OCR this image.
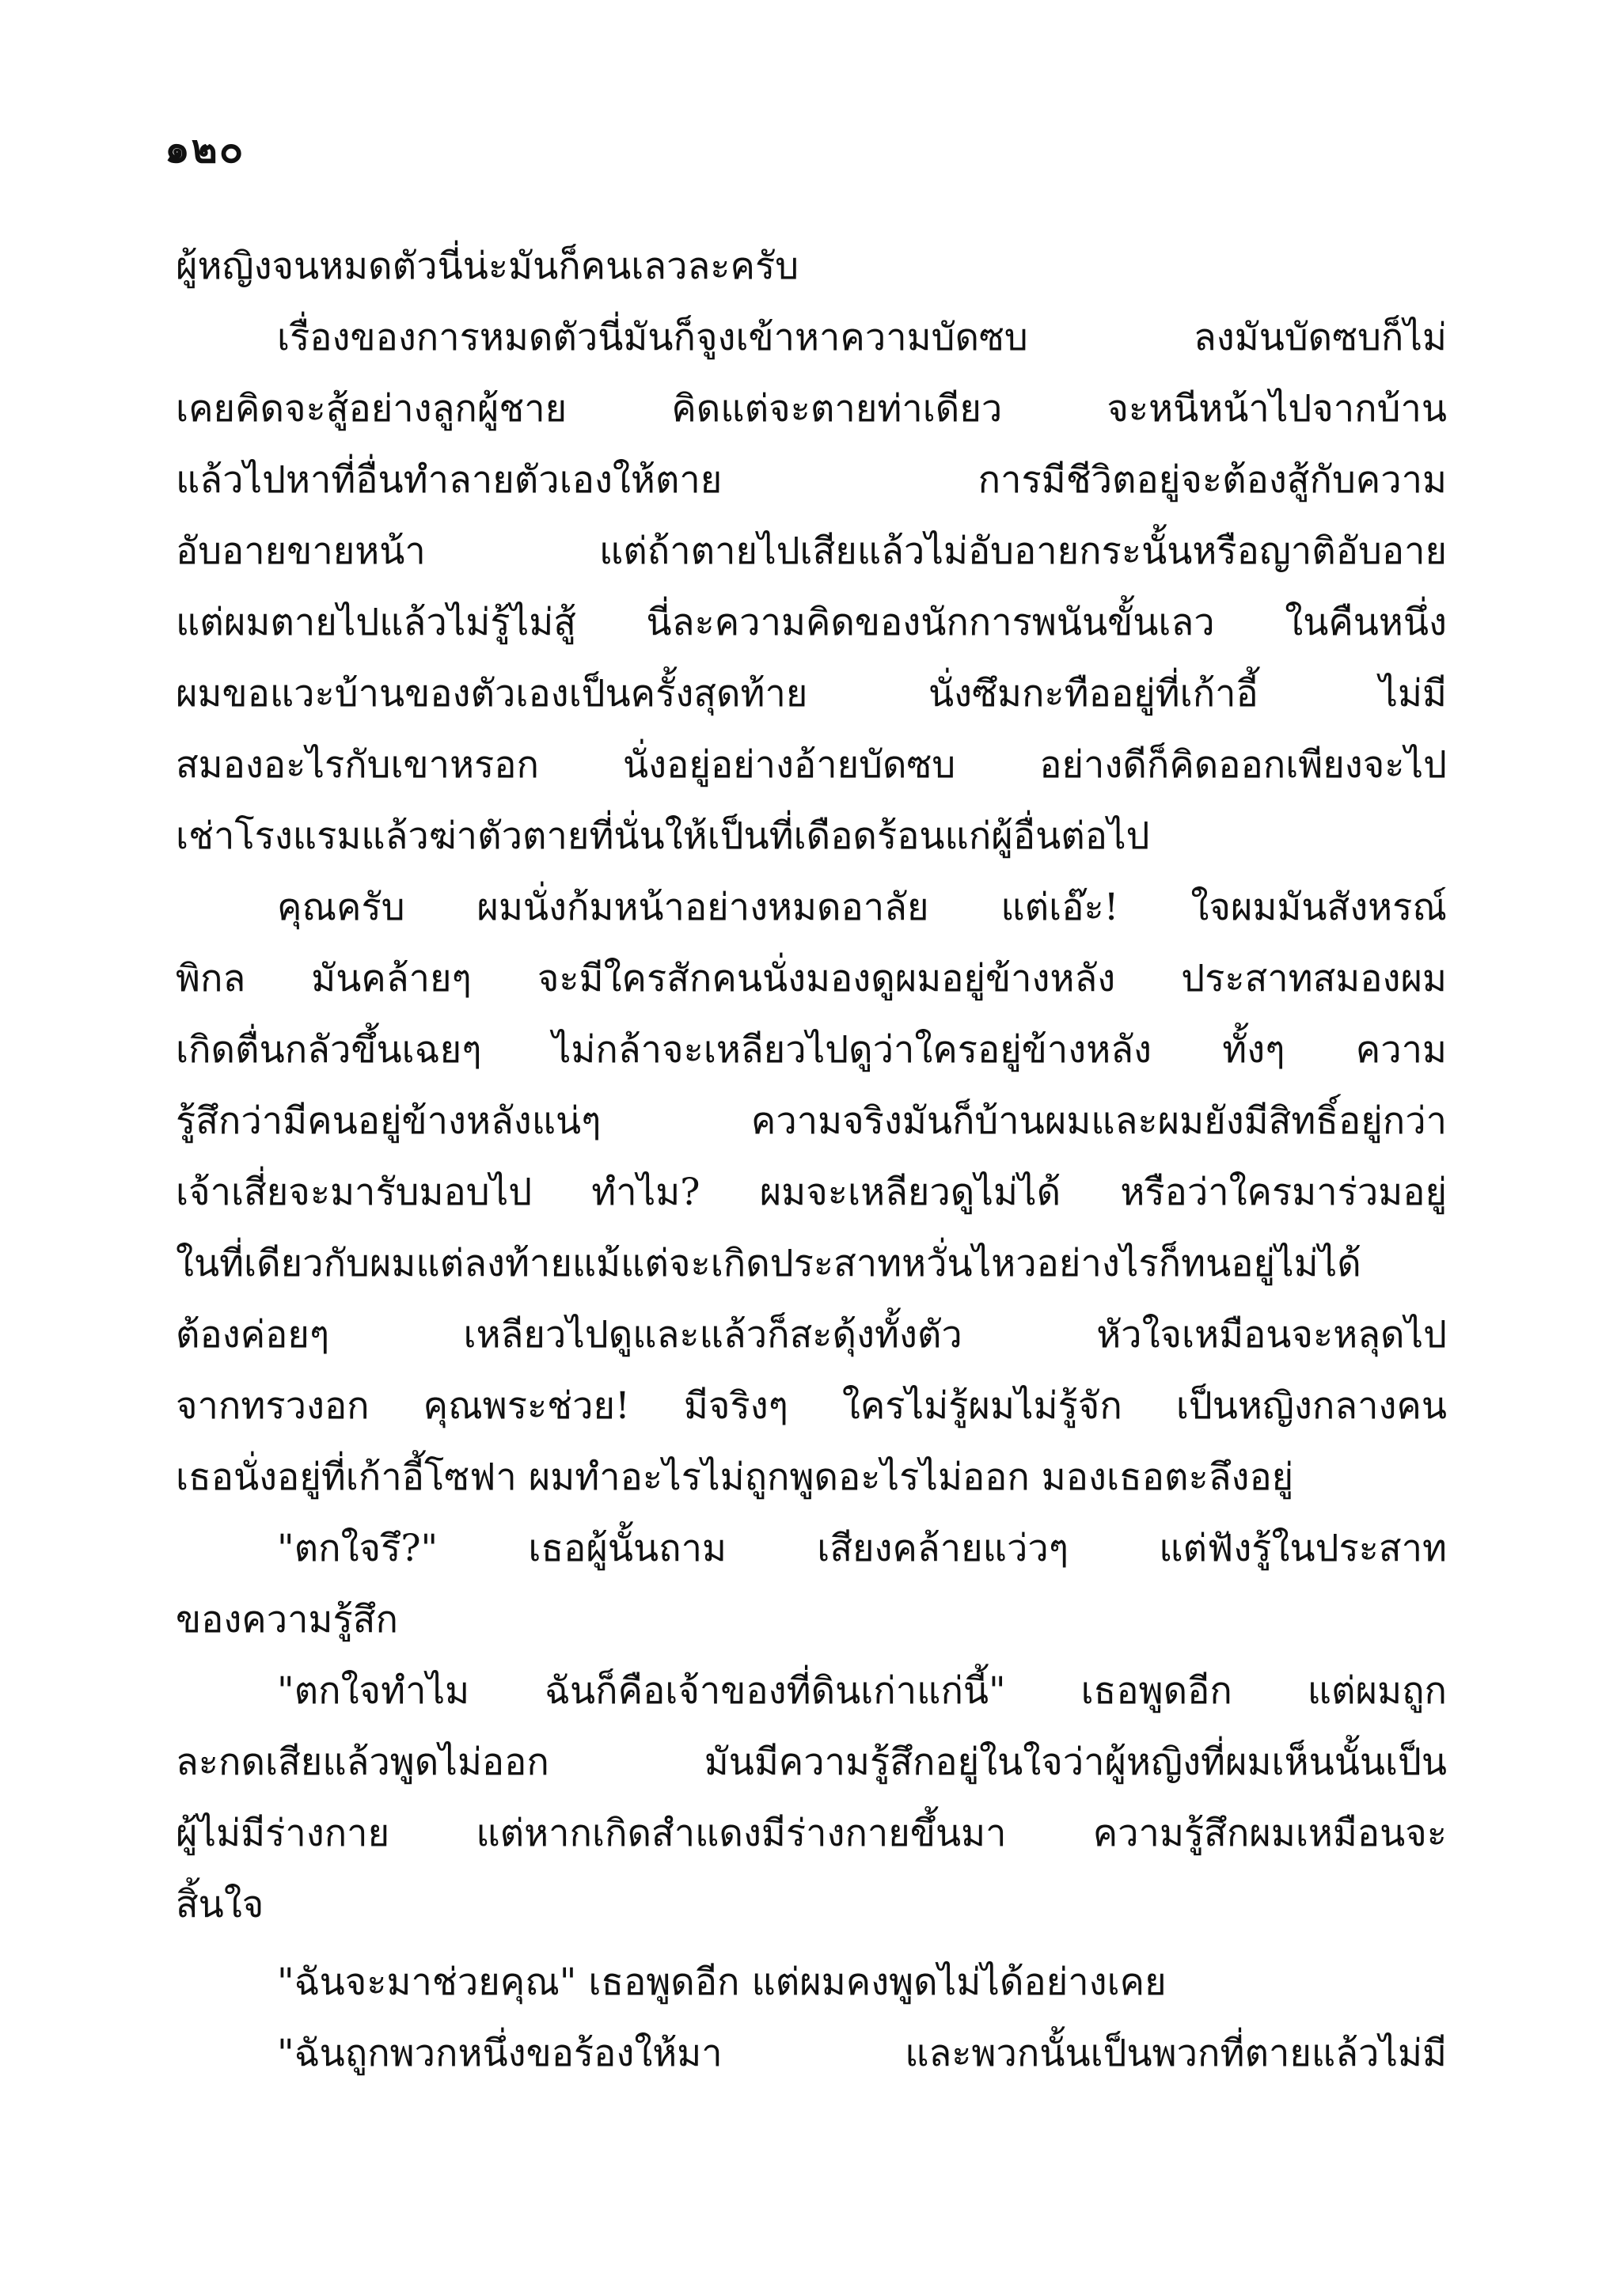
๑๒๐
ผู้หญิงจนหมดตัวนี่น่ะมันก็คนเลวละครับ
เรื่องของการหมดตัวนี่มันก็จูงเข้าหาความบัดซบ ลงมันบัดซบก็ไม่
เคยคิดจะสู้อย่างลูกผู้ชาย คิดแต่จะตายท่าเดียว จะหนีหน้าไปจากบ้าน
แล้วไปหาที่อื่นทำลายตัวเองให้ตาย การมีชีวิตอยู่จะต้องสู้กับความ
อับอายขายหน้า แต่ถ้าตายไปเสียแล้วไม่อับอายกระนั้นหรือญาติอับอาย
แต่ผมตายไปแล้วไม่รู้ไม่สู้ นี่ละความคิดของนักการพนันขั้นเลว ในคืนหนึ่ง
ผมขอแวะบ้านของตัวเองเป็นครั้งสุดท้าย นั่งซึมกะทืออยู่ที่เก้าอี้ ไม่มี
สมองอะไรกับเขาหรอก นั่งอยู่อย่างอ้ายบัดซบ อย่างดีก็คิดออกเพียงจะไป
เช่าโรงแรมแล้วฆ่าตัวตายที่นั่นให้เป็นที่เดือดร้อนแก่ผู้อื่นต่อไป
คุณครับ ผมนั่งก้มหน้าอย่างหมดอาลัย แต่เอ๊ะ! ใจผมมันสังหรณ์
พิกล มันคล้ายๆ จะมีใครสักคนนั่งมองดูผมอยู่ข้างหลัง ประสาทสมองผม
เกิดตื่นกลัวขึ้นเฉยๆ ไม่กล้าจะเหลียวไปดูว่าใครอยู่ข้างหลัง ทั้งๆ ความ
รู้สึกว่ามีคนอยู่ข้างหลังแน่ๆ ความจริงมันก็บ้านผมและผมยังมีสิทธิ์อยู่กว่า
เจ้าเสี่ยจะมารับมอบไป ทำไม? ผมจะเหลียวดูไม่ได้ หรือว่าใครมาร่วมอยู่
ในที่เดียวกับผมแต่ลงท้ายแม้แต่จะเกิดประสาทหวั่นไหวอย่างไรก็ทนอยู่ไม่ได้
ต้องค่อยๆ เหลียวไปดูและแล้วก็สะดุ้งทั้งตัว หัวใจเหมือนจะหลุดไป
จากทรวงอก คุณพระช่วย! มีจริงๆ ใครไม่รู้ผมไม่รู้จัก เป็นหญิงกลางคน
เธอนั่งอยู่ที่เก้าอี้โซฟา ผมทำอะไรไม่ถูกพูดอะไรไม่ออก มองเธอตะลึงอยู่
"ตกใจรึ?" เธอผู้นั้นถาม เสียงคล้ายแว่วๆ แต่ฟังรู้ในประสาท
ของความรู้สึก
"ตกใจทำไม ฉันก็คือเจ้าของที่ดินเก่าแก่นี้" เธอพูดอีก แต่ผมถูก
ละกดเสียแล้วพูดไม่ออก มันมีความรู้สึกอยู่ในใจว่าผู้หญิงที่ผมเห็นนั้นเป็น
ผู้ไม่มีร่างกาย แต่หากเกิดสำแดงมีร่างกายขึ้นมา ความรู้สึกผมเหมือนจะ
สิ้นใจ
"ฉันจะมาช่วยคุณ" เธอพูดอีก แต่ผมคงพูดไม่ได้อย่างเคย
"ฉันถูกพวกหนึ่งขอร้องให้มา และพวกนั้นเป็นพวกที่ตายแล้วไม่มี
